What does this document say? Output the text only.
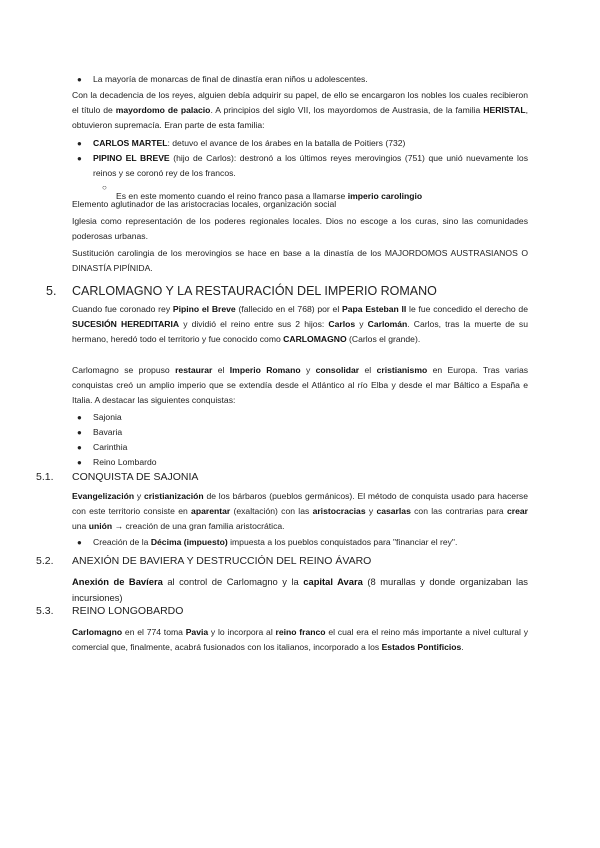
● La mayoría de monarcas de final de dinastía eran niños u adolescentes.

Con la decadencia de los reyes, alguien debía adquirir su papel, de ello se encargaron los nobles los cuales recibieron el título de mayordomo de palacio. A principios del siglo VII, los mayordomos de Austrasia, de la familia HERISTAL, obtuvieron supremacía. Eran parte de esta familia:

● CARLOS MARTEL: detuvo el avance de los árabes en la batalla de Poitiers (732)

● PIPINO EL BREVE (hijo de Carlos): destronó a los últimos reyes merovingios (751) que unió nuevamente los reinos y se coronó rey de los francos.

○

Es en este momento cuando el reino franco pasa a llamarse imperio carolingio

Elemento aglutinador de las aristocracias locales, organización social

Iglesia como representación de los poderes regionales locales. Dios no escoge a los curas, sino las comunidades poderosas urbanas.

Sustitución carolingia de los merovingios se hace en base a la dinastía de los MAJORDOMOS AUSTRASIANOS O DINASTÍA PIPÍNIDA.

5. CARLOMAGNO Y LA RESTAURACIÓN DEL IMPERIO ROMANO

Cuando fue coronado rey Pipino el Breve (fallecido en el 768) por el Papa Esteban II le fue concedido el derecho de SUCESIÓN HEREDITARIA y dividió el reino entre sus 2 hijos: Carlos y Carlomán. Carlos, tras la muerte de su hermano, heredó todo el territorio y fue conocido como CARLOMAGNO (Carlos el grande).

Carlomagno se propuso restaurar el Imperio Romano y consolidar el cristianismo en Europa. Tras varias conquistas creó un amplio imperio que se extendía desde el Atlántico al río Elba y desde el mar Báltico a España e Italia. A destacar las siguientes conquistas:

● Sajonia

● Bavaria

● Carinthia

● Reino Lombardo

5.1. CONQUISTA DE SAJONIA

Evangelización y cristianización de los bárbaros (pueblos germánicos). El método de conquista usado para hacerse con este territorio consiste en aparentar (exaltación) con las aristocracias y casarlas con las contrarias para crear una unión → creación de una gran familia aristocrática.

● Creación de la Décima (impuesto) impuesta a los pueblos conquistados para "financiar el rey".

5.2. ANEXIÓN DE BAVIERA Y DESTRUCCIÓN DEL REINO ÁVARO

Anexión de Bavíera al control de Carlomagno y la capital Avara (8 murallas y donde organizaban las incursiones)

5.3. REINO LONGOBARDO

Carlomagno en el 774 toma Pavia y lo incorpora al reino franco el cual era el reino más importante a nivel cultural y comercial que, finalmente, acabrá fusionados con los italianos, incorporado a los Estados Pontificios.
